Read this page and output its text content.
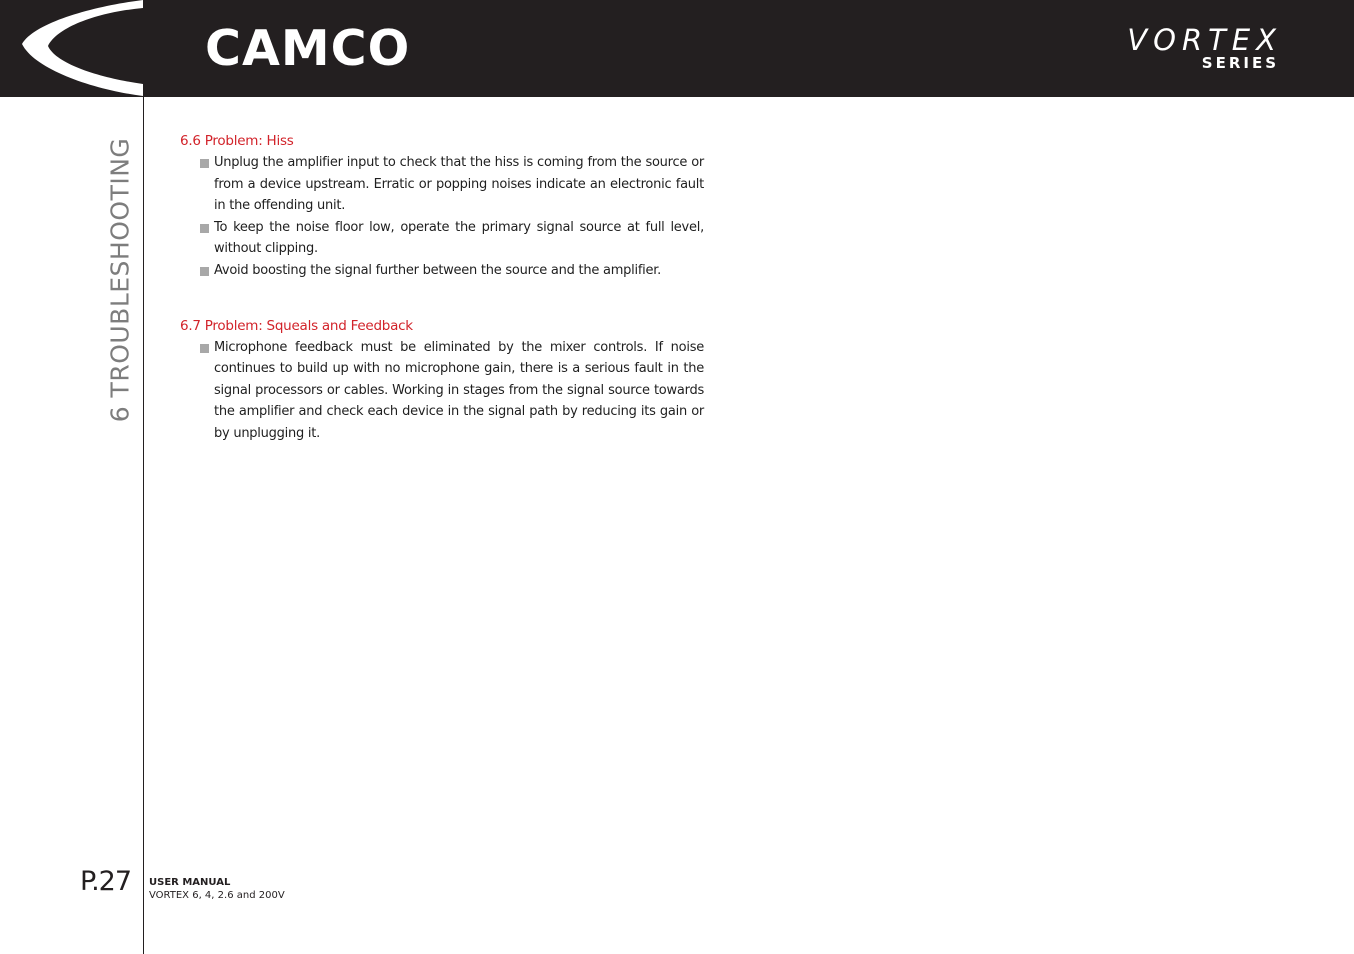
CAMCO	VORTEX
SERIES
6 TROUBLESHOOTING	6.6 Problem: Hiss
Unplug the amplifier input to check that the hiss is coming from the source or from a device upstream. Erratic or popping noises indicate an electronic fault in the offending unit.
To keep the noise floor low, operate the primary signal source at full level, without clipping.
Avoid boosting the signal further between the source and the amplifier.
6.7 Problem: Squeals and Feedback
Microphone feedback must be eliminated by the mixer controls. If noise continues to build up with no microphone gain, there is a serious fault in the signal processors or cables. Working in stages from the signal source towards the amplifier and check each device in the signal path by reducing its gain or by unplugging it.
P.27 USER MANUAL
VORTEX 6, 4, 2.6 and 200V
